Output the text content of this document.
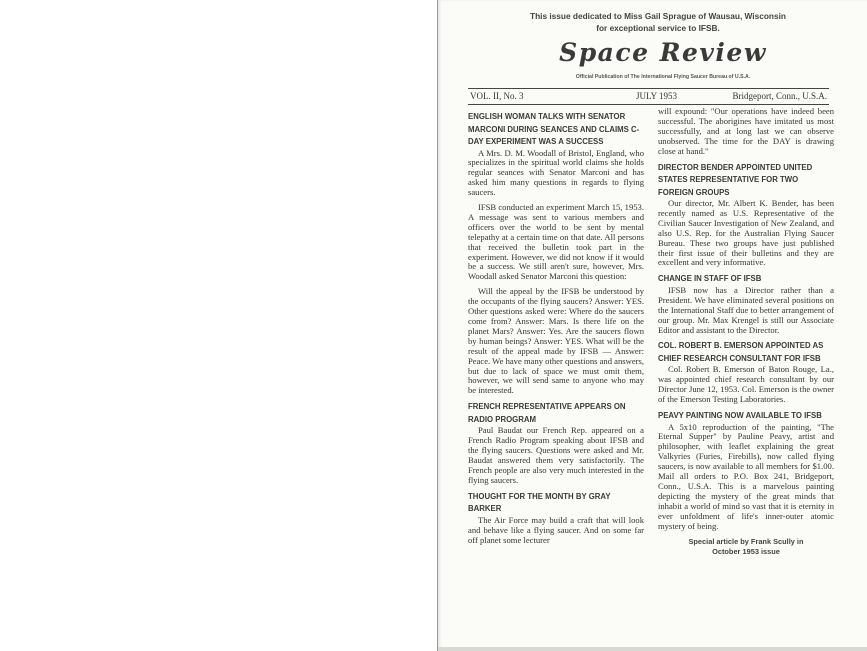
This issue dedicated to Miss Gail Sprague of Wausau, Wisconsin
for exceptional service to IFSB.
Space Review
Official Publication of The International Flying Saucer Bureau of U.S.A.
VOL. II, No. 3	JULY 1953	Bridgeport, Conn., U.S.A.
ENGLISH WOMAN TALKS WITH SENATOR MARCONI DURING SEANCES AND CLAIMS C-DAY EXPERIMENT WAS A SUCCESS

A Mrs. D. M. Woodall of Bristol, England, who specializes in the spiritual world claims she holds regular seances with Senator Marconi and has asked him many questions in regards to flying saucers.

IFSB conducted an experiment March 15, 1953. A message was sent to various members and officers over the world to be sent by mental telepathy at a certain time on that date. All persons that received the bulletin took part in the experiment. However, we did not know if it would be a success. We still aren't sure, however, Mrs. Woodall asked Senator Marconi this question:

Will the appeal by the IFSB be understood by the occupants of the flying saucers? Answer: YES. Other questions asked were: Where do the saucers come from? Answer: Mars. Is there life on the planet Mars? Answer: Yes. Are the saucers flown by human beings? Answer: YES. What will be the result of the appeal made by IFSB — Answer: Peace. We have many other questions and answers, but due to lack of space we must omit them, however, we will send same to anyone who may be interested.

FRENCH REPRESENTATIVE APPEARS ON RADIO PROGRAM

Paul Baudat our French Rep. appeared on a French Radio Program speaking about IFSB and the flying saucers. Questions were asked and Mr. Baudat answered them very satisfactorily. The French people are also very much interested in the flying saucers.

THOUGHT FOR THE MONTH BY GRAY BARKER

The Air Force may build a craft that will look and behave like a flying saucer. And on some far off planet some lecturer

will expound: "Our operations have indeed been successful. The aborigines have imitated us most successfully, and at long last we can observe unobserved. The time for the DAY is drawing close at hand."

DIRECTOR BENDER APPOINTED UNITED STATES REPRESENTATIVE FOR TWO FOREIGN GROUPS

Our director, Mr. Albert K. Bender, has been recently named as U.S. Representative of the Civilian Saucer Investigation of New Zealand, and also U.S. Rep. for the Australian Flying Saucer Bureau. These two groups have just published their first issue of their bulletins and they are excellent and very informative.

CHANGE IN STAFF OF IFSB

IFSB now has a Director rather than a President. We have eliminated several positions on the International Staff due to better arrangement of our group. Mr. Max Krengel is still our Associate Editor and assistant to the Director.

COL. ROBERT B. EMERSON APPOINTED AS CHIEF RESEARCH CONSULTANT FOR IFSB

Col. Robert B. Emerson of Baton Rouge, La., was appointed chief research consultant by our Director June 12, 1953. Col. Emerson is the owner of the Emerson Testing Laboratories.

PEAVY PAINTING NOW AVAILABLE TO IFSB

A 5x10 reproduction of the painting, "The Eternal Supper" by Pauline Peavy, artist and philosopher, with leaflet explaining the great Valkyries (Furies, Firebills), now called flying saucers, is now available to all members for $1.00. Mail all orders to P.O. Box 241, Bridgeport, Conn., U.S.A. This is a marvelous painting depicting the mystery of the great minds that inhabit a world of mind so vast that it is eternity in ever unfoldment of life's inner-outer atomic mystery of being.

Special article by Frank Scully in
October 1953 issue
